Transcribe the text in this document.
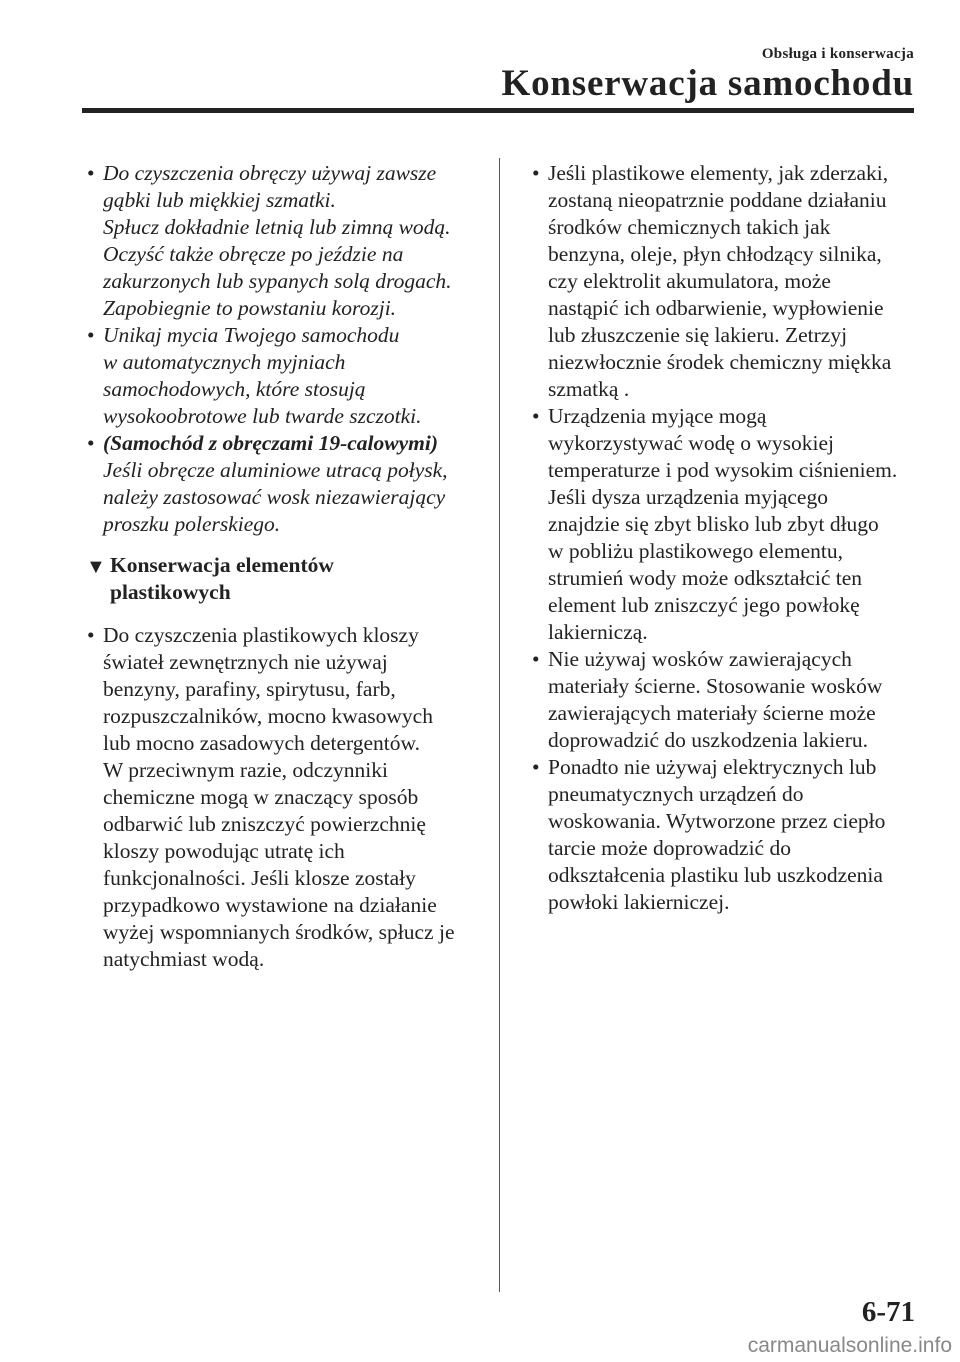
Obsługa i konserwacja
Konserwacja samochodu
• Do czyszczenia obręczy używaj zawsze
gąbki lub miękkiej szmatki.
Spłucz dokładnie letnią lub zimną wodą.
Oczyść także obręcze po jeździe na
zakurzonych lub sypanych solą drogach.
Zapobiegnie to powstaniu korozji.
• Unikaj mycia Twojego samochodu
w automatycznych myjniach
samochodowych, które stosują
wysokoobrotowe lub twarde szczotki.
• (Samochód z obręczami 19-calowymi)
Jeśli obręcze aluminiowe utracą połysk,
należy zastosować wosk niezawierający
proszku polerskiego.
▼ Konserwacja elementów
plastikowych
• Do czyszczenia plastikowych kloszy
świateł zewnętrznych nie używaj
benzyny, parafiny, spirytusu, farb,
rozpuszczalników, mocno kwasowych
lub mocno zasadowych detergentów.
W przeciwnym razie, odczynniki
chemiczne mogą w znaczący sposób
odbarwić lub zniszczyć powierzchnię
kloszy powodując utratę ich
funkcjonalności. Jeśli klosze zostały
przypadkowo wystawione na działanie
wyżej wspomnianych środków, spłucz je
natychmiast wodą.
• Jeśli plastikowe elementy, jak zderzaki,
zostaną nieopatrznie poddane działaniu
środków chemicznych takich jak
benzyna, oleje, płyn chłodzący silnika,
czy elektrolit akumulatora, może
nastąpić ich odbarwienie, wypłowienie
lub złuszczenie się lakieru. Zetrzyj
niezwłocznie środek chemiczny miękka
szmatką .
• Urządzenia myjące mogą
wykorzystywać wodę o wysokiej
temperaturze i pod wysokim ciśnieniem.
Jeśli dysza urządzenia myjącego
znajdzie się zbyt blisko lub zbyt długo
w pobliżu plastikowego elementu,
strumień wody może odkształcić ten
element lub zniszczyć jego powłokę
lakierniczą.
• Nie używaj wosków zawierających
materiały ścierne. Stosowanie wosków
zawierających materiały ścierne może
doprowadzić do uszkodzenia lakieru.
• Ponadto nie używaj elektrycznych lub
pneumatycznych urządzeń do
woskowania. Wytworzone przez ciepło
tarcie może doprowadzić do
odkształcenia plastiku lub uszkodzenia
powłoki lakierniczej.
6-71
carmanualsonline.info
